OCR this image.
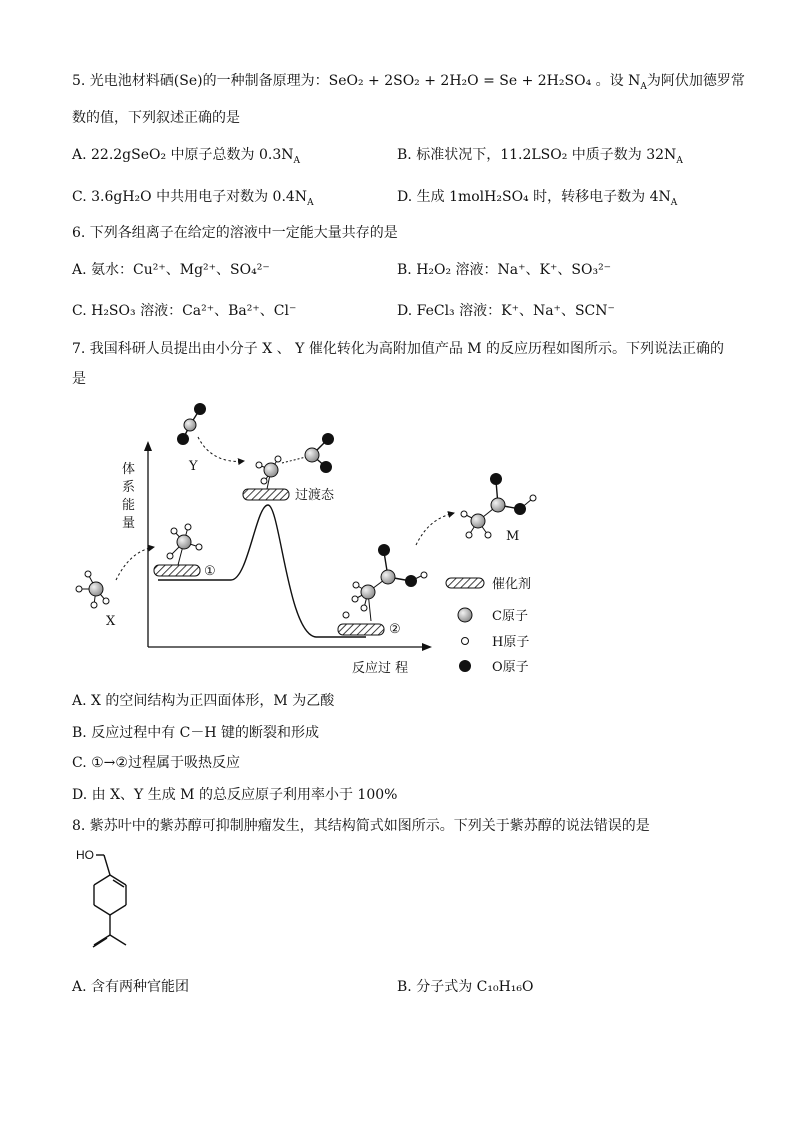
5. 光电池材料硒(Se)的一种制备原理为：SeO₂ + 2SO₂ + 2H₂O = Se + 2H₂SO₄ 。设 $N_A$为阿伏加德罗常
数的值，下列叙述正确的是
A. 22.2gSeO₂ 中原子总数为 $0.3N_A$	B. 标准状况下，11.2LSO₂ 中质子数为 $32N_A$
C. 3.6gH₂O 中共用电子对数为 $0.4N_A$	D. 生成 1molH₂SO₄ 时，转移电子数为 $4N_A$
6. 下列各组离子在给定的溶液中一定能大量共存的是
A. 氨水：Cu²⁺、Mg²⁺、SO₄²⁻	B. H₂O₂ 溶液：Na⁺、K⁺、SO₃²⁻
C. H₂SO₃ 溶液：Ca²⁺、Ba²⁺、Cl⁻	D. FeCl₃ 溶液：K⁺、Na⁺、SCN⁻
7. 我国科研人员提出由小分子 X 、 Y 催化转化为高附加值产品 M 的反应历程如图所示。下列说法正确的
是
体
系
能
量
反应过 程
①
②
过渡态
X
Y
M
催化剂
C原子
H原子
O原子
A. X 的空间结构为正四面体形，M 为乙酸
B. 反应过程中有 C－H 键的断裂和形成
C. ①→②过程属于吸热反应
D. 由 X、Y 生成 M 的总反应原子利用率小于 100%
8. 紫苏叶中的紫苏醇可抑制肿瘤发生，其结构简式如图所示。下列关于紫苏醇的说法错误的是
HO
A. 含有两种官能团	B. 分子式为 C₁₀H₁₆O
